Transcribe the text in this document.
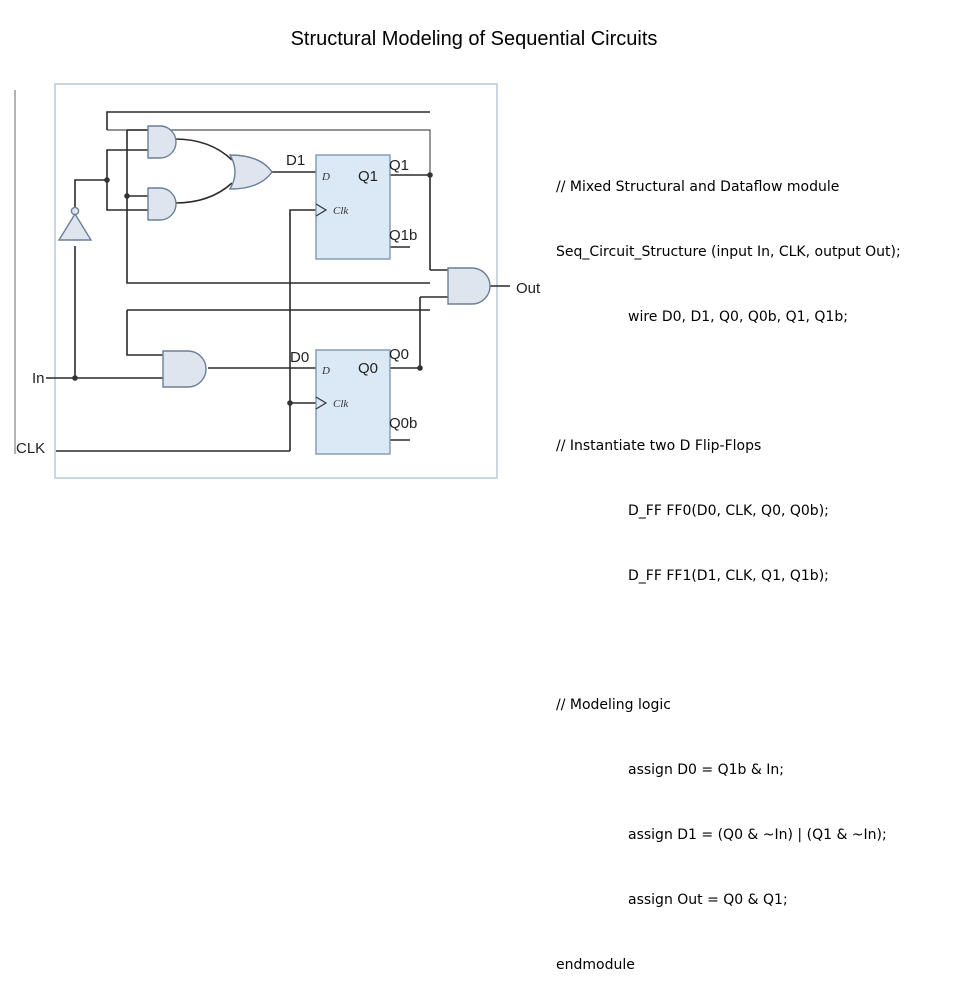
Structural Modeling of Sequential Circuits
D
Clk
D
Clk
D1
Q1
Q1
Q1b
D0
Q0
Q0
Q0b
Out
In
CLK

// Mixed Structural and Dataflow module

Seq_Circuit_Structure (input In, CLK, output Out);

wire D0, D1, Q0, Q0b, Q1, Q1b;

// Instantiate two D Flip-Flops

D_FF FF0(D0, CLK, Q0, Q0b);

D_FF FF1(D1, CLK, Q1, Q1b);

// Modeling logic

assign D0 = Q1b & In;

assign D1 = (Q0 & ~In) | (Q1 & ~In);

assign Out = Q0 & Q1;

endmodule
